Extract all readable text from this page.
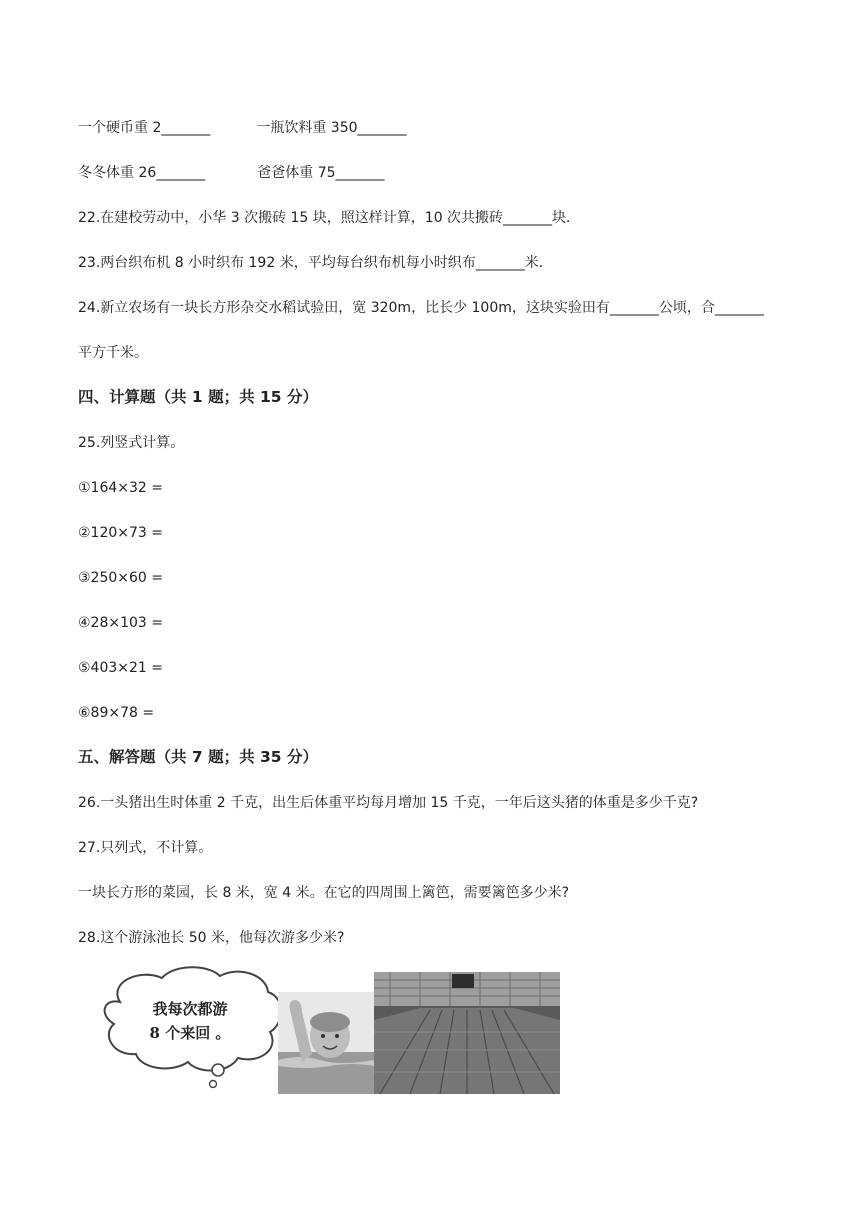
一个硬币重 2_______	一瓶饮料重 350_______
冬冬体重 26_______	爸爸体重 75_______
22.在建校劳动中，小华 3 次搬砖 15 块，照这样计算，10 次共搬砖_______块．
23.两台织布机 8 小时织布 192 米，平均每台织布机每小时织布_______米．
24.新立农场有一块长方形杂交水稻试验田，宽 320m，比长少 100m，这块实验田有_______公顷，合_______
平方千米。
四、计算题（共 1 题；共 15 分）
25.列竖式计算。
①164×32 =
②120×73 =
③250×60 =
④28×103 =
⑤403×21 =
⑥89×78 =
五、解答题（共 7 题；共 35 分）
26.一头猪出生时体重 2 千克，出生后体重平均每月增加 15 千克，一年后这头猪的体重是多少千克?
27.只列式，不计算。
一块长方形的菜园，长 8 米，宽 4 米。在它的四周围上篱笆，需要篱笆多少米?
28.这个游泳池长 50 米，他每次游多少米?
我每次都游
8 个来回 。
